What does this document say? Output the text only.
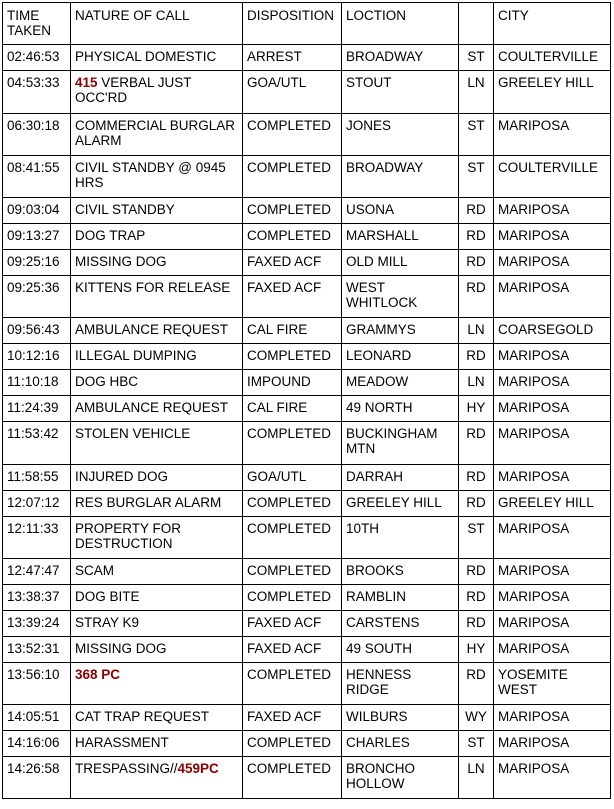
TIME TAKEN	NATURE OF CALL	DISPOSITION	LOCTION		CITY
02:46:53	PHYSICAL DOMESTIC	ARREST	BROADWAY	ST	COULTERVILLE
04:53:33	415 VERBAL JUST OCC'RD	GOA/UTL	STOUT	LN	GREELEY HILL
06:30:18	COMMERCIAL BURGLAR ALARM	COMPLETED	JONES	ST	MARIPOSA
08:41:55	CIVIL STANDBY @ 0945 HRS	COMPLETED	BROADWAY	ST	COULTERVILLE
09:03:04	CIVIL STANDBY	COMPLETED	USONA	RD	MARIPOSA
09:13:27	DOG TRAP	COMPLETED	MARSHALL	RD	MARIPOSA
09:25:16	MISSING DOG	FAXED ACF	OLD MILL	RD	MARIPOSA
09:25:36	KITTENS FOR RELEASE	FAXED ACF	WEST WHITLOCK	RD	MARIPOSA
09:56:43	AMBULANCE REQUEST	CAL FIRE	GRAMMYS	LN	COARSEGOLD
10:12:16	ILLEGAL DUMPING	COMPLETED	LEONARD	RD	MARIPOSA
11:10:18	DOG HBC	IMPOUND	MEADOW	LN	MARIPOSA
11:24:39	AMBULANCE REQUEST	CAL FIRE	49 NORTH	HY	MARIPOSA
11:53:42	STOLEN VEHICLE	COMPLETED	BUCKINGHAM MTN	RD	MARIPOSA
11:58:55	INJURED DOG	GOA/UTL	DARRAH	RD	MARIPOSA
12:07:12	RES BURGLAR ALARM	COMPLETED	GREELEY HILL	RD	GREELEY HILL
12:11:33	PROPERTY FOR DESTRUCTION	COMPLETED	10TH	ST	MARIPOSA
12:47:47	SCAM	COMPLETED	BROOKS	RD	MARIPOSA
13:38:37	DOG BITE	COMPLETED	RAMBLIN	RD	MARIPOSA
13:39:24	STRAY K9	FAXED ACF	CARSTENS	RD	MARIPOSA
13:52:31	MISSING DOG	FAXED ACF	49 SOUTH	HY	MARIPOSA
13:56:10	368 PC	COMPLETED	HENNESS RIDGE	RD	YOSEMITE WEST
14:05:51	CAT TRAP REQUEST	FAXED ACF	WILBURS	WY	MARIPOSA
14:16:06	HARASSMENT	COMPLETED	CHARLES	ST	MARIPOSA
14:26:58	TRESPASSING//459PC	COMPLETED	BRONCHO HOLLOW	LN	MARIPOSA
